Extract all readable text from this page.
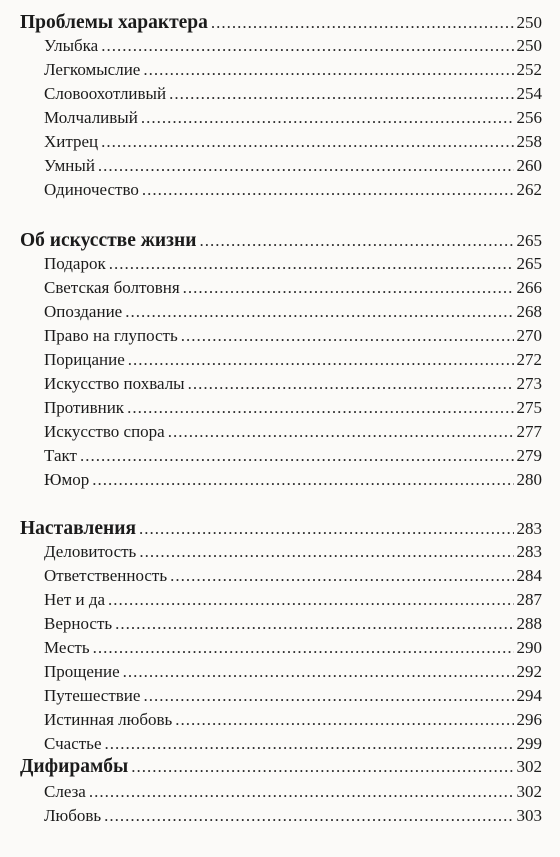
Проблемы характера .....	250
Улыбка .....	250
Легкомыслие .....	252
Словоохотливый .....	254
Молчаливый .....	256
Хитрец .....	258
Умный .....	260
Одиночество .....	262
Об искусстве жизни .....	265
Подарок .....	265
Светская болтовня .....	266
Опоздание .....	268
Право на глупость .....	270
Порицание .....	272
Искусство похвалы .....	273
Противник .....	275
Искусство спора .....	277
Такт .....	279
Юмор .....	280
Наставления .....	283
Деловитость .....	283
Ответственность .....	284
Нет и да .....	287
Верность .....	288
Месть .....	290
Прощение .....	292
Путешествие .....	294
Истинная любовь .....	296
Счастье .....	299
Дифирамбы .....	302
Слеза .....	302
Любовь .....	303
